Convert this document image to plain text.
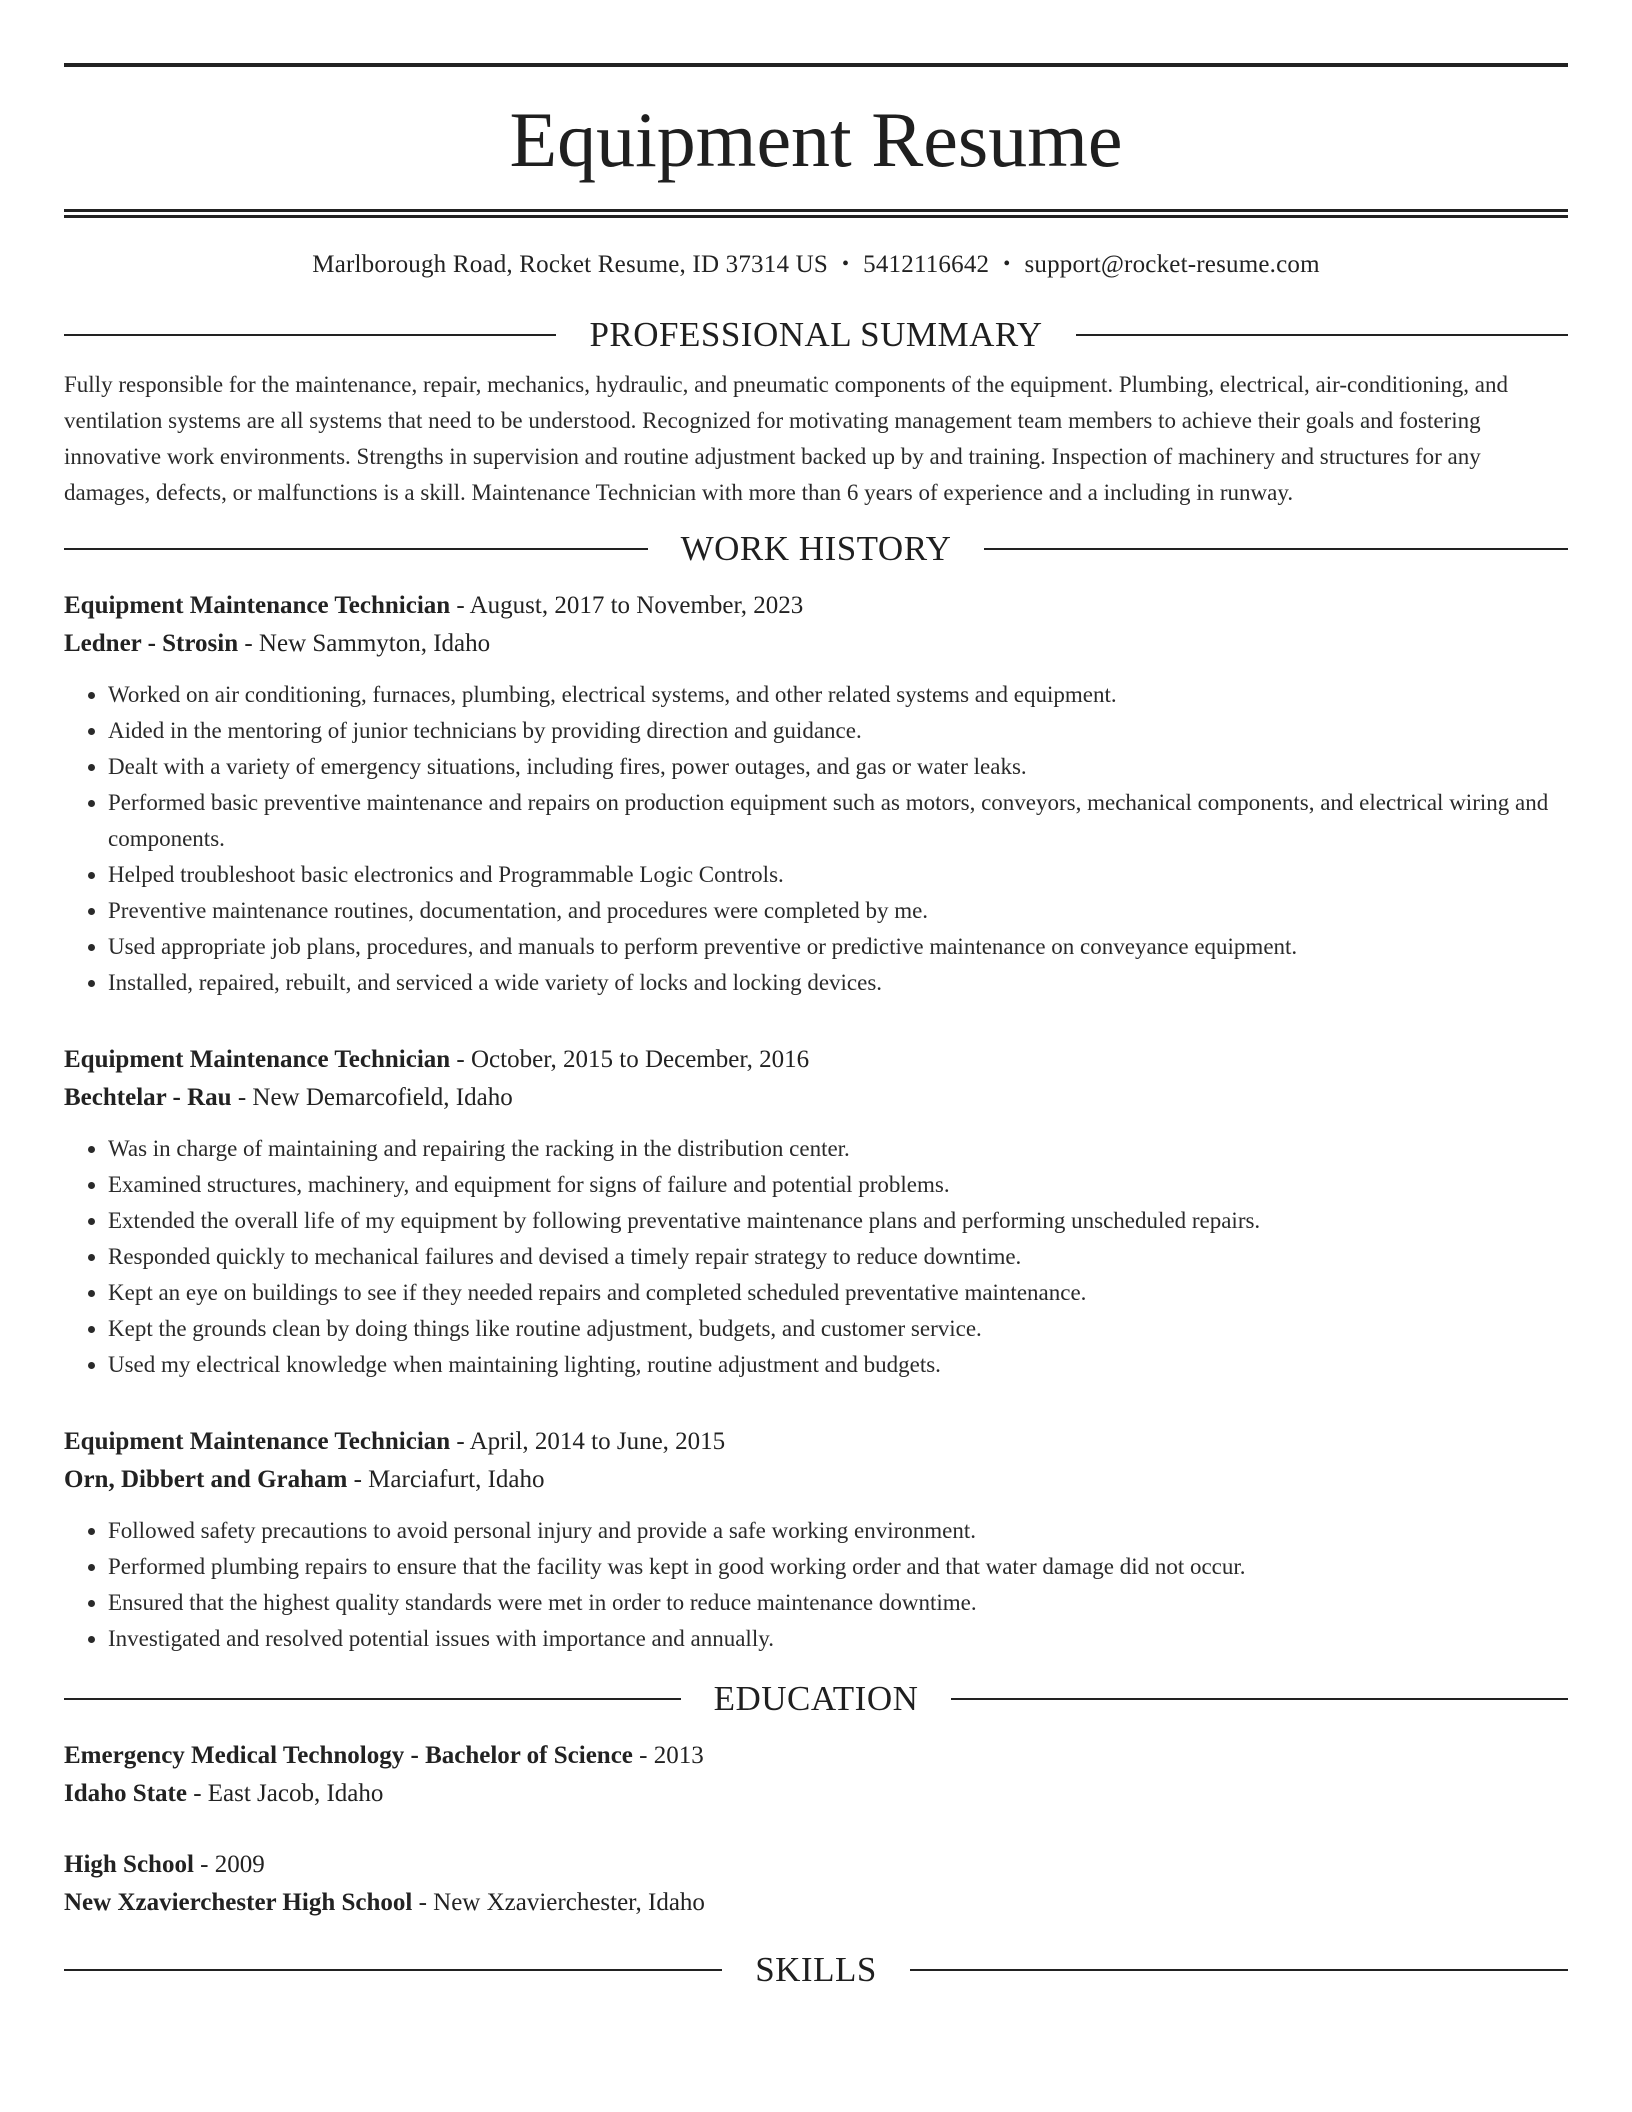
Equipment Resume
Marlborough Road, Rocket Resume, ID 37314 US • 5412116642 • support@rocket-resume.com
PROFESSIONAL SUMMARY
Fully responsible for the maintenance, repair, mechanics, hydraulic, and pneumatic components of the equipment. Plumbing, electrical, air-conditioning, and ventilation systems are all systems that need to be understood. Recognized for motivating management team members to achieve their goals and fostering innovative work environments. Strengths in supervision and routine adjustment backed up by and training. Inspection of machinery and structures for any damages, defects, or malfunctions is a skill. Maintenance Technician with more than 6 years of experience and a including in runway.
WORK HISTORY
Equipment Maintenance Technician - August, 2017 to November, 2023
Ledner - Strosin - New Sammyton, Idaho
• Worked on air conditioning, furnaces, plumbing, electrical systems, and other related systems and equipment.
• Aided in the mentoring of junior technicians by providing direction and guidance.
• Dealt with a variety of emergency situations, including fires, power outages, and gas or water leaks.
• Performed basic preventive maintenance and repairs on production equipment such as motors, conveyors, mechanical components, and electrical wiring and components.
• Helped troubleshoot basic electronics and Programmable Logic Controls.
• Preventive maintenance routines, documentation, and procedures were completed by me.
• Used appropriate job plans, procedures, and manuals to perform preventive or predictive maintenance on conveyance equipment.
• Installed, repaired, rebuilt, and serviced a wide variety of locks and locking devices.
Equipment Maintenance Technician - October, 2015 to December, 2016
Bechtelar - Rau - New Demarcofield, Idaho
• Was in charge of maintaining and repairing the racking in the distribution center.
• Examined structures, machinery, and equipment for signs of failure and potential problems.
• Extended the overall life of my equipment by following preventative maintenance plans and performing unscheduled repairs.
• Responded quickly to mechanical failures and devised a timely repair strategy to reduce downtime.
• Kept an eye on buildings to see if they needed repairs and completed scheduled preventative maintenance.
• Kept the grounds clean by doing things like routine adjustment, budgets, and customer service.
• Used my electrical knowledge when maintaining lighting, routine adjustment and budgets.
Equipment Maintenance Technician - April, 2014 to June, 2015
Orn, Dibbert and Graham - Marciafurt, Idaho
• Followed safety precautions to avoid personal injury and provide a safe working environment.
• Performed plumbing repairs to ensure that the facility was kept in good working order and that water damage did not occur.
• Ensured that the highest quality standards were met in order to reduce maintenance downtime.
• Investigated and resolved potential issues with importance and annually.
EDUCATION
Emergency Medical Technology - Bachelor of Science - 2013
Idaho State - East Jacob, Idaho
High School - 2009
New Xzavierchester High School - New Xzavierchester, Idaho
SKILLS
